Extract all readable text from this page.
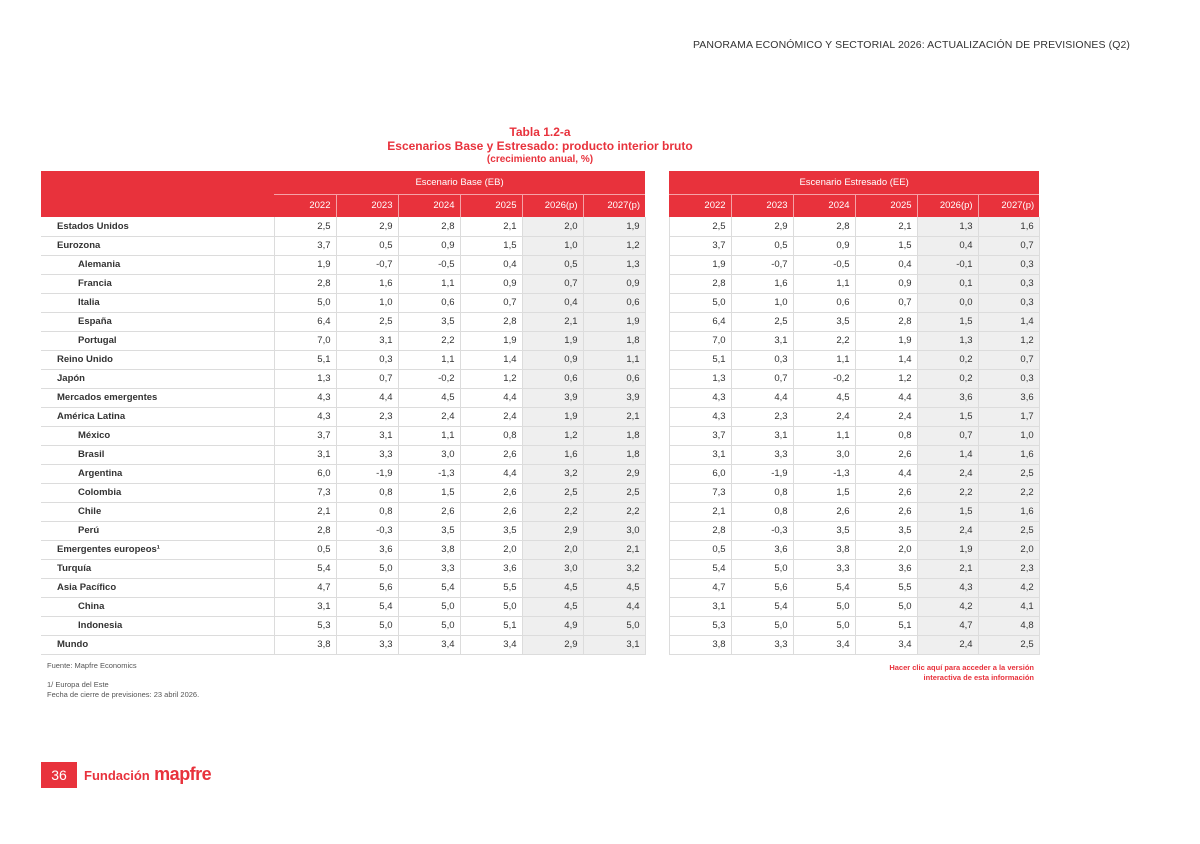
PANORAMA ECONÓMICO Y SECTORIAL 2026: ACTUALIZACIÓN DE PREVISIONES (Q2)
Tabla 1.2-a
Escenarios Base y Estresado: producto interior bruto
(crecimiento anual, %)
	Escenario Base (EB)							Escenario Estresado (EE)					
	2022	2023	2024	2025	2026(p)	2027(p)		2022	2023	2024	2025	2026(p)	2027(p)
Estados Unidos	2,5	2,9	2,8	2,1	2,0	1,9		2,5	2,9	2,8	2,1	1,3	1,6
Eurozona	3,7	0,5	0,9	1,5	1,0	1,2		3,7	0,5	0,9	1,5	0,4	0,7
Alemania	1,9	-0,7	-0,5	0,4	0,5	1,3		1,9	-0,7	-0,5	0,4	-0,1	0,3
Francia	2,8	1,6	1,1	0,9	0,7	0,9		2,8	1,6	1,1	0,9	0,1	0,3
Italia	5,0	1,0	0,6	0,7	0,4	0,6		5,0	1,0	0,6	0,7	0,0	0,3
España	6,4	2,5	3,5	2,8	2,1	1,9		6,4	2,5	3,5	2,8	1,5	1,4
Portugal	7,0	3,1	2,2	1,9	1,9	1,8		7,0	3,1	2,2	1,9	1,3	1,2
Reino Unido	5,1	0,3	1,1	1,4	0,9	1,1		5,1	0,3	1,1	1,4	0,2	0,7
Japón	1,3	0,7	-0,2	1,2	0,6	0,6		1,3	0,7	-0,2	1,2	0,2	0,3
Mercados emergentes	4,3	4,4	4,5	4,4	3,9	3,9		4,3	4,4	4,5	4,4	3,6	3,6
América Latina	4,3	2,3	2,4	2,4	1,9	2,1		4,3	2,3	2,4	2,4	1,5	1,7
México	3,7	3,1	1,1	0,8	1,2	1,8		3,7	3,1	1,1	0,8	0,7	1,0
Brasil	3,1	3,3	3,0	2,6	1,6	1,8		3,1	3,3	3,0	2,6	1,4	1,6
Argentina	6,0	-1,9	-1,3	4,4	3,2	2,9		6,0	-1,9	-1,3	4,4	2,4	2,5
Colombia	7,3	0,8	1,5	2,6	2,5	2,5		7,3	0,8	1,5	2,6	2,2	2,2
Chile	2,1	0,8	2,6	2,6	2,2	2,2		2,1	0,8	2,6	2,6	1,5	1,6
Perú	2,8	-0,3	3,5	3,5	2,9	3,0		2,8	-0,3	3,5	3,5	2,4	2,5
Emergentes europeos¹	0,5	3,6	3,8	2,0	2,0	2,1		0,5	3,6	3,8	2,0	1,9	2,0
Turquía	5,4	5,0	3,3	3,6	3,0	3,2		5,4	5,0	3,3	3,6	2,1	2,3
Asia Pacífico	4,7	5,6	5,4	5,5	4,5	4,5		4,7	5,6	5,4	5,5	4,3	4,2
China	3,1	5,4	5,0	5,0	4,5	4,4		3,1	5,4	5,0	5,0	4,2	4,1
Indonesia	5,3	5,0	5,0	5,1	4,9	5,0		5,3	5,0	5,0	5,1	4,7	4,8
Mundo	3,8	3,3	3,4	3,4	2,9	3,1		3,8	3,3	3,4	3,4	2,4	2,5
Fuente: Mapfre Economics
1/ Europa del Este
Fecha de cierre de previsiones: 23 abril 2026.
Hacer clic aquí para acceder a la versión
interactiva de esta información
36	Fundación mapfre
